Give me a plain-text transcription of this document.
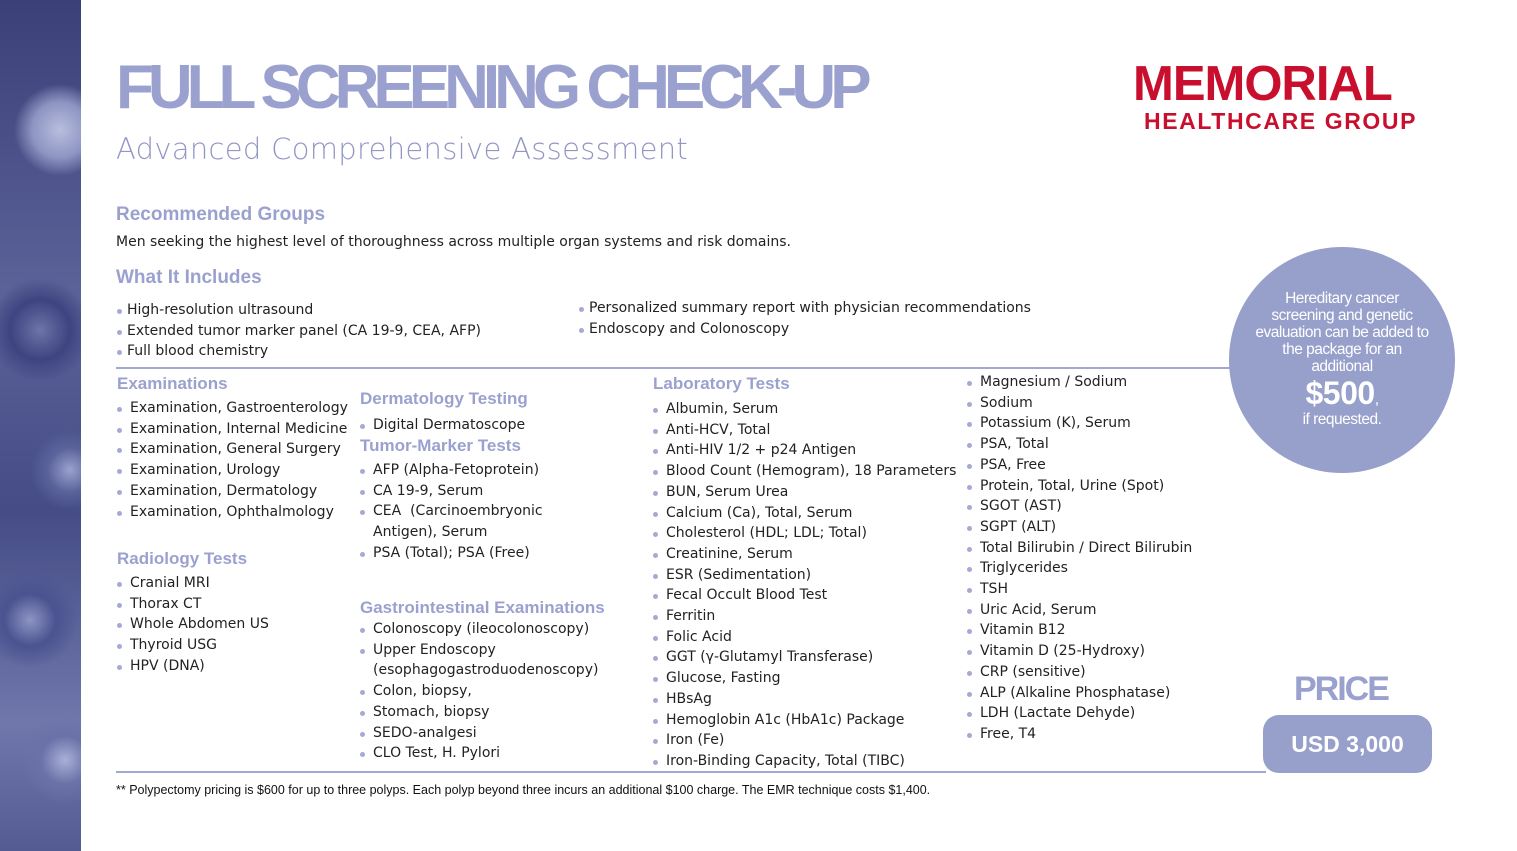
FULL SCREENING CHECK-UP
Advanced Comprehensive Assessment
MEMORIAL
HEALTHCARE GROUP
Recommended Groups
Men seeking the highest level of thoroughness across multiple organ systems and risk domains.
What It Includes
High-resolution ultrasound
Extended tumor marker panel (CA 19-9, CEA, AFP)
Full blood chemistry
Personalized summary report with physician recommendations
Endoscopy and Colonoscopy
Examinations
Examination, Gastroenterology
Examination, Internal Medicine
Examination, General Surgery
Examination, Urology
Examination, Dermatology
Examination, Ophthalmology
Radiology Tests
Cranial MRI
Thorax CT
Whole Abdomen US
Thyroid USG
HPV (DNA)
Dermatology Testing
Digital Dermatoscope
Tumor-Marker Tests
AFP (Alpha-Fetoprotein)
CA 19-9, Serum
CEA  (Carcinoembryonic
Antigen), Serum
PSA (Total); PSA (Free)
Gastrointestinal Examinations
Colonoscopy (ileocolonoscopy)
Upper Endoscopy
(esophagogastroduodenoscopy)
Colon, biopsy,
Stomach, biopsy
SEDO-analgesi
CLO Test, H. Pylori
Laboratory Tests
Albumin, Serum
Anti-HCV, Total
Anti-HIV 1/2 + p24 Antigen
Blood Count (Hemogram), 18 Parameters
BUN, Serum Urea
Calcium (Ca), Total, Serum
Cholesterol (HDL; LDL; Total)
Creatinine, Serum
ESR (Sedimentation)
Fecal Occult Blood Test
Ferritin
Folic Acid
GGT (γ-Glutamyl Transferase)
Glucose, Fasting
HBsAg
Hemoglobin A1c (HbA1c) Package
Iron (Fe)
Iron-Binding Capacity, Total (TIBC)
Magnesium / Sodium
Sodium
Potassium (K), Serum
PSA, Total
PSA, Free
Protein, Total, Urine (Spot)
SGOT (AST)
SGPT (ALT)
Total Bilirubin / Direct Bilirubin
Triglycerides
TSH
Uric Acid, Serum
Vitamin B12
Vitamin D (25-Hydroxy)
CRP (sensitive)
ALP (Alkaline Phosphatase)
LDH (Lactate Dehyde)
Free, T4
Hereditary cancer screening and genetic evaluation can be added to the package for an additional
$500,
if requested.
PRICE
USD 3,000
** Polypectomy pricing is $600 for up to three polyps. Each polyp beyond three incurs an additional $100 charge. The EMR technique costs $1,400.
